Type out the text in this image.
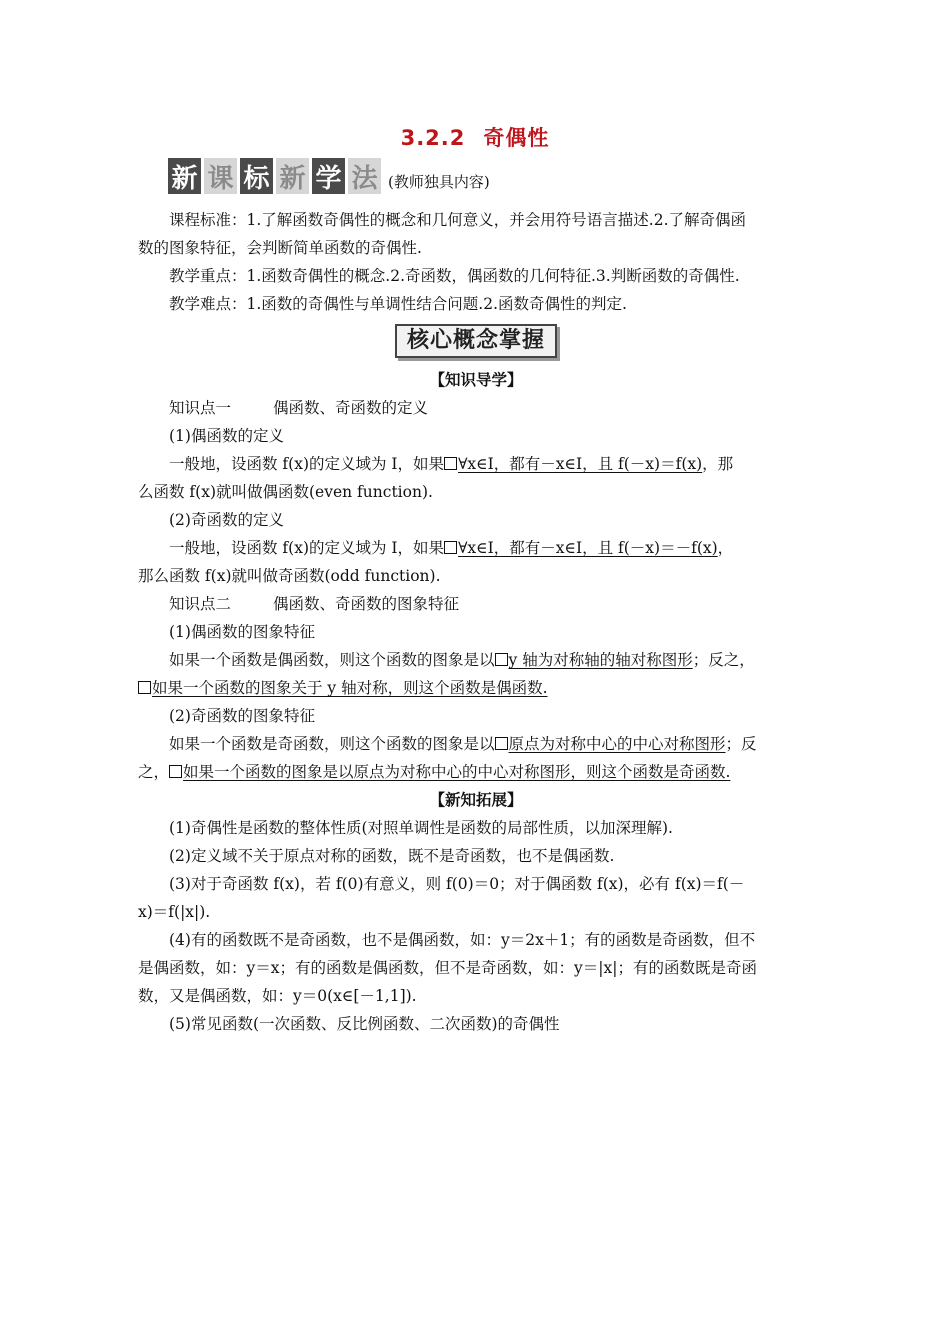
3.2.2 奇偶性
新 课 标 新 学 法 (教师独具内容)

课程标准：1.了解函数奇偶性的概念和几何意义，并会用符号语言描述.2.了解奇偶函

数的图象特征，会判断简单函数的奇偶性.

教学重点：1.函数奇偶性的概念.2.奇函数，偶函数的几何特征.3.判断函数的奇偶性.

教学难点：1.函数的奇偶性与单调性结合问题.2.函数奇偶性的判定.

核心概念掌握

【知识导学】

知识点一	偶函数、奇函数的定义

(1)偶函数的定义

一般地，设函数 f(x)的定义域为 I，如果 ∀x∈I，都有－x∈I，且 f(－x)＝f(x)，那

么函数 f(x)就叫做偶函数(even function).

(2)奇函数的定义

一般地，设函数 f(x)的定义域为 I，如果 ∀x∈I，都有－x∈I，且 f(－x)＝－f(x)，

那么函数 f(x)就叫做奇函数(odd function).

知识点二	偶函数、奇函数的图象特征

(1)偶函数的图象特征

如果一个函数是偶函数，则这个函数的图象是以 y 轴为对称轴的轴对称图形；反之，

如果一个函数的图象关于 y 轴对称，则这个函数是偶函数.

(2)奇函数的图象特征

如果一个函数是奇函数，则这个函数的图象是以 原点为对称中心的中心对称图形；反

之， 如果一个函数的图象是以原点为对称中心的中心对称图形，则这个函数是奇函数.

【新知拓展】

(1)奇偶性是函数的整体性质(对照单调性是函数的局部性质，以加深理解).

(2)定义域不关于原点对称的函数，既不是奇函数，也不是偶函数.

(3)对于奇函数 f(x)，若 f(0)有意义，则 f(0)＝0；对于偶函数 f(x)，必有 f(x)＝f(－

x)＝f(|x|).

(4)有的函数既不是奇函数，也不是偶函数，如：y＝2x＋1；有的函数是奇函数，但不

是偶函数，如：y＝x；有的函数是偶函数，但不是奇函数，如：y＝|x|；有的函数既是奇函

数，又是偶函数，如：y＝0(x∈[－1,1]).

(5)常见函数(一次函数、反比例函数、二次函数)的奇偶性
